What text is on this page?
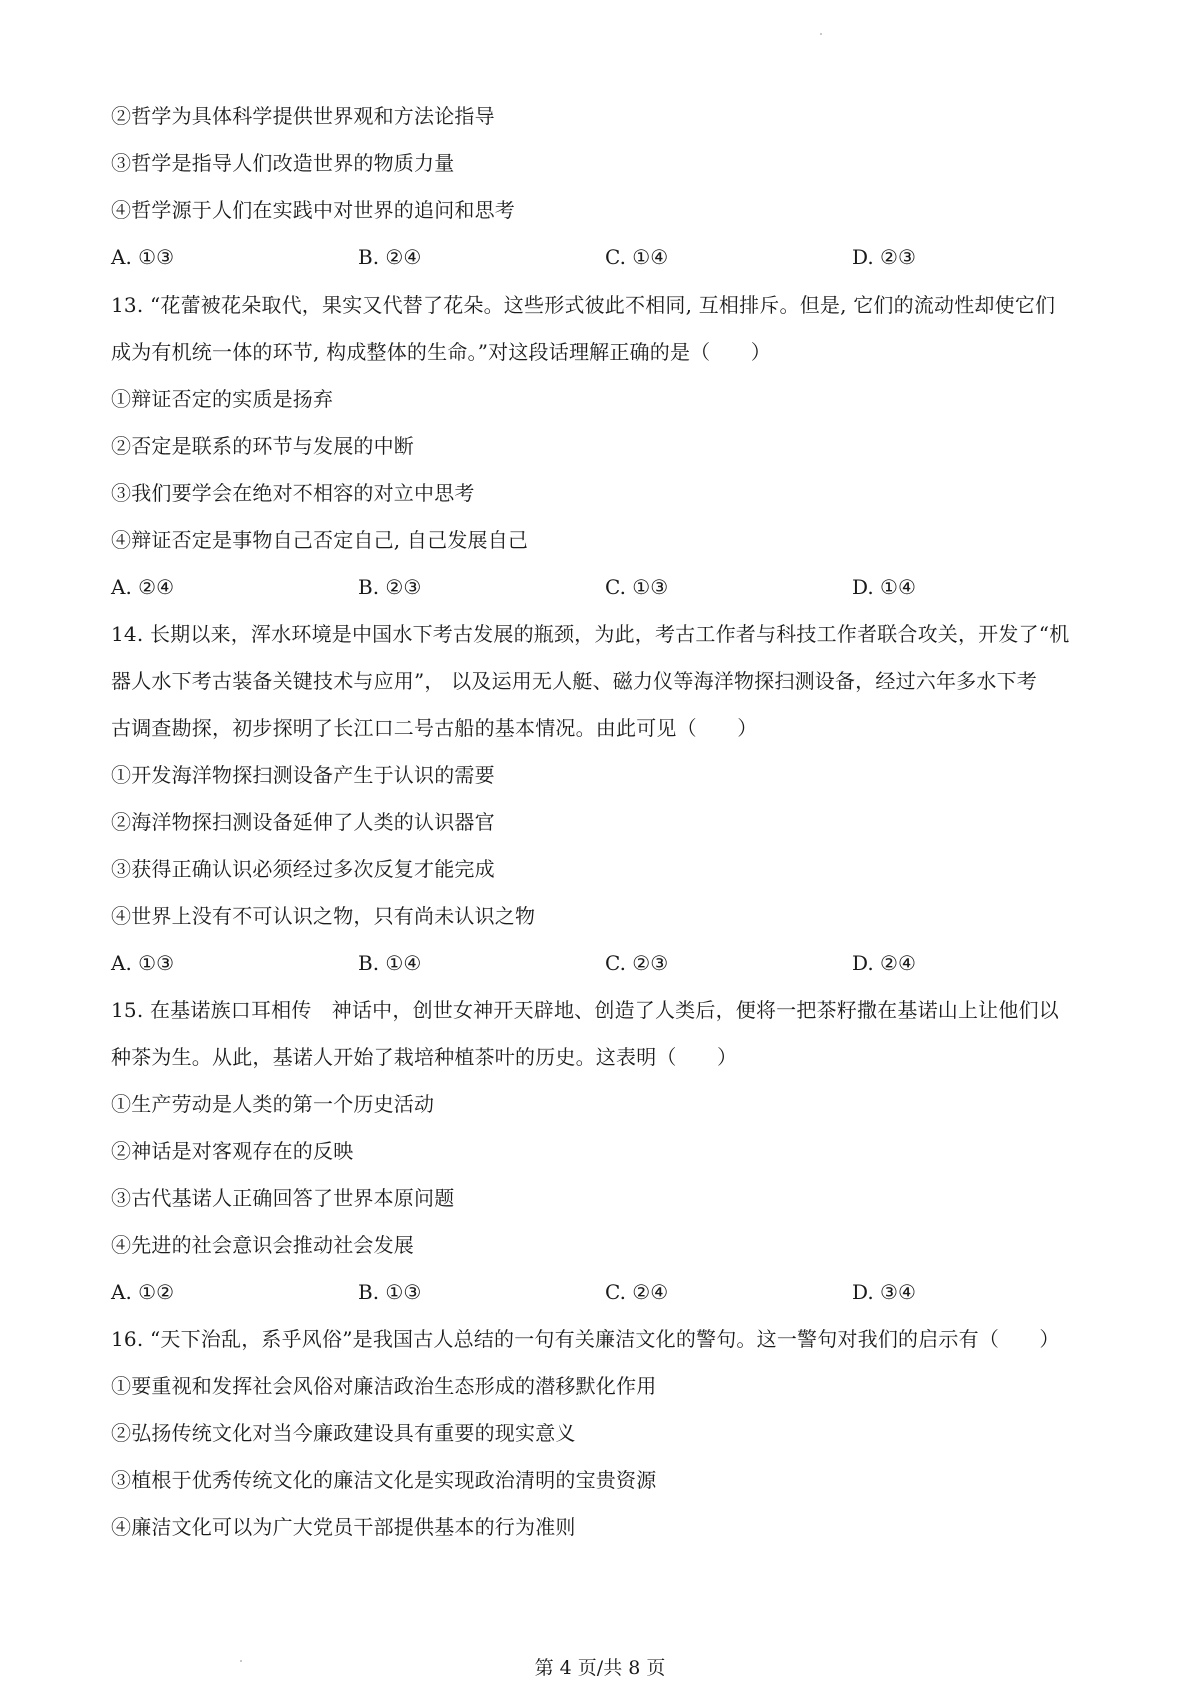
②哲学为具体科学提供世界观和方法论指导
③哲学是指导人们改造世界的物质力量
④哲学源于人们在实践中对世界的追问和思考
A. ①③	B. ②④	C. ①④	D. ②③
13. “花蕾被花朵取代，果实又代替了花朵。这些形式彼此不相同, 互相排斥。但是, 它们的流动性却使它们
成为有机统一体的环节, 构成整体的生命。”对这段话理解正确的是（　　）
①辩证否定的实质是扬弃
②否定是联系的环节与发展的中断
③我们要学会在绝对不相容的对立中思考
④辩证否定是事物自己否定自己, 自己发展自己
A. ②④	B. ②③	C. ①③	D. ①④
14. 长期以来，浑水环境是中国水下考古发展的瓶颈，为此，考古工作者与科技工作者联合攻关，开发了“机
器人水下考古装备关键技术与应用”， 以及运用无人艇、磁力仪等海洋物探扫测设备，经过六年多水下考
古调查勘探，初步探明了长江口二号古船的基本情况。由此可见（　　）
①开发海洋物探扫测设备产生于认识的需要
②海洋物探扫测设备延伸了人类的认识器官
③获得正确认识必须经过多次反复才能完成
④世界上没有不可认识之物，只有尚未认识之物
A. ①③	B. ①④	C. ②③	D. ②④
15. 在基诺族口耳相传　神话中，创世女神开天辟地、创造了人类后，便将一把茶籽撒在基诺山上让他们以
种茶为生。从此，基诺人开始了栽培种植茶叶的历史。这表明（　　）
①生产劳动是人类的第一个历史活动
②神话是对客观存在的反映
③古代基诺人正确回答了世界本原问题
④先进的社会意识会推动社会发展
A. ①②	B. ①③	C. ②④	D. ③④
16. “天下治乱，系乎风俗”是我国古人总结的一句有关廉洁文化的警句。这一警句对我们的启示有（　　）
①要重视和发挥社会风俗对廉洁政治生态形成的潜移默化作用
②弘扬传统文化对当今廉政建设具有重要的现实意义
③植根于优秀传统文化的廉洁文化是实现政治清明的宝贵资源
④廉洁文化可以为广大党员干部提供基本的行为准则
第 4 页/共 8 页
